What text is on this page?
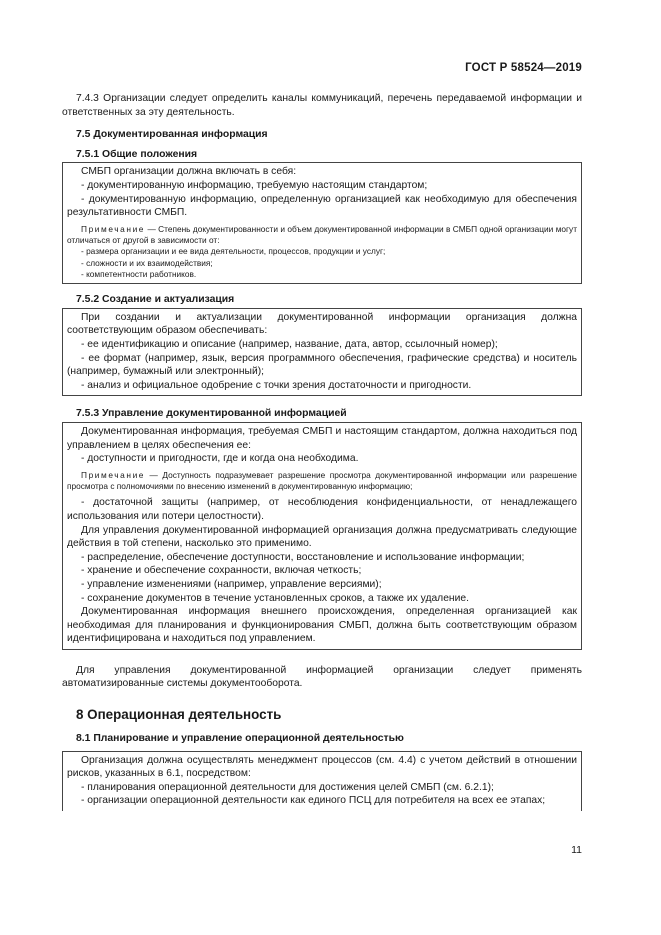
ГОСТ Р 58524—2019

7.4.3 Организации следует определить каналы коммуникаций, перечень передаваемой информации и ответственных за эту деятельность.

7.5 Документированная информация

7.5.1 Общие положения

СМБП организации должна включать в себя:

- документированную информацию, требуемую настоящим стандартом;

- документированную информацию, определенную организацией как необходимую для обеспечения результативности СМБП.

Примечание — Степень документированности и объем документированной информации в СМБП одной организации могут отличаться от другой в зависимости от:

- размера организации и ее вида деятельности, процессов, продукции и услуг;

- сложности и их взаимодействия;

- компетентности работников.

7.5.2 Создание и актуализация

При создании и актуализации документированной информации организация должна соответствующим образом обеспечивать:

- ее идентификацию и описание (например, название, дата, автор, ссылочный номер);

- ее формат (например, язык, версия программного обеспечения, графические средства) и носитель (например, бумажный или электронный);

- анализ и официальное одобрение с точки зрения достаточности и пригодности.

7.5.3 Управление документированной информацией

Документированная информация, требуемая СМБП и настоящим стандартом, должна находиться под управлением в целях обеспечения ее:

- доступности и пригодности, где и когда она необходима.

Примечание — Доступность подразумевает разрешение просмотра документированной информации или разрешение просмотра с полномочиями по внесению изменений в документированную информацию;

- достаточной защиты (например, от несоблюдения конфиденциальности, от ненадлежащего использования или потери целостности).

Для управления документированной информацией организация должна предусматривать следующие действия в той степени, насколько это применимо.

- распределение, обеспечение доступности, восстановление и использование информации;

- хранение и обеспечение сохранности, включая четкость;

- управление изменениями (например, управление версиями);

- сохранение документов в течение установленных сроков, а также их удаление.

Документированная информация внешнего происхождения, определенная организацией как необходимая для планирования и функционирования СМБП, должна быть соответствующим образом идентифицирована и находиться под управлением.

Для управления документированной информацией организации следует применять автоматизированные системы документооборота.

8 Операционная деятельность

8.1 Планирование и управление операционной деятельностью

Организация должна осуществлять менеджмент процессов (см. 4.4) с учетом действий в отношении рисков, указанных в 6.1, посредством:

- планирования операционной деятельности для достижения целей СМБП (см. 6.2.1);

- организации операционной деятельности как единого ПСЦ для потребителя на всех ее этапах;

11
